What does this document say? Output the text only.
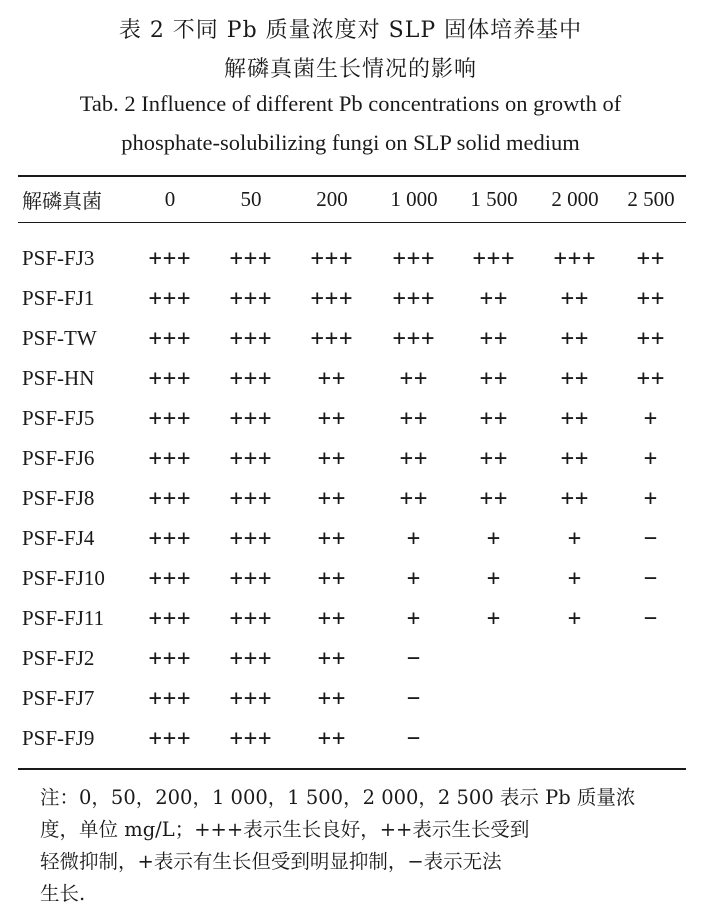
表 2 不同 Pb 质量浓度对 SLP 固体培养基中
解磷真菌生长情况的影响
Tab. 2 Influence of different Pb concentrations on growth of
phosphate-solubilizing fungi on SLP solid medium
解磷真菌	0	50	200	1 000	1 500	2 000	2 500

PSF-FJ3	+++	+++	+++	+++	+++	+++	++
PSF-FJ1	+++	+++	+++	+++	++	++	++
PSF-TW	+++	+++	+++	+++	++	++	++
PSF-HN	+++	+++	++	++	++	++	++
PSF-FJ5	+++	+++	++	++	++	++	+
PSF-FJ6	+++	+++	++	++	++	++	+
PSF-FJ8	+++	+++	++	++	++	++	+
PSF-FJ4	+++	+++	++	+	+	+	−
PSF-FJ10	+++	+++	++	+	+	+	−
PSF-FJ11	+++	+++	++	+	+	+	−
PSF-FJ2	+++	+++	++	−			
PSF-FJ7	+++	+++	++	−			
PSF-FJ9	+++	+++	++	−			
注：0，50，200，1 000，1 500，2 000，2 500 表示 Pb 质量浓
度，单位 mg/L；+++表示生长良好，++表示生长受到
轻微抑制，+表示有生长但受到明显抑制，−表示无法
生长.
